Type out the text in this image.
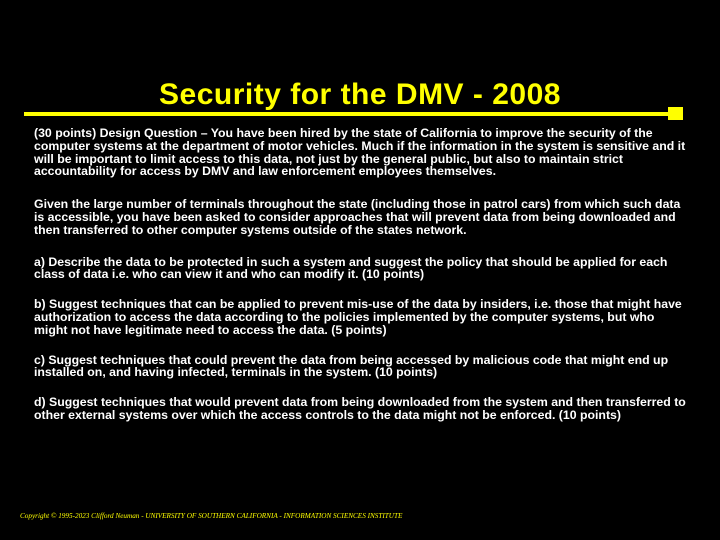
Security for the DMV - 2008

(30 points) Design Question – You have been hired by the state of California to improve the security of the computer systems at the department of motor vehicles. Much if the information in the system is sensitive and it will be important to limit access to this data, not just by the general public, but also to maintain strict accountability for access by DMV and law enforcement employees themselves.

Given the large number of terminals throughout the state (including those in patrol cars) from which such data is accessible, you have been asked to consider approaches that will prevent data from being downloaded and then transferred to other computer systems outside of the states network.

a) Describe the data to be protected in such a system and suggest the policy that should be applied for each class of data i.e. who can view it and who can modify it. (10 points)

b) Suggest techniques that can be applied to prevent mis-use of the data by insiders, i.e. those that might have authorization to access the data according to the policies implemented by the computer systems, but who might not have legitimate need to access the data. (5 points)

c) Suggest techniques that could prevent the data from being accessed by malicious code that might end up installed on, and having infected, terminals in the system. (10 points)

d) Suggest techniques that would prevent data from being downloaded from the system and then transferred to other external systems over which the access controls to the data might not be enforced. (10 points)

Copyright © 1995-2023 Clifford Neuman - UNIVERSITY OF SOUTHERN CALIFORNIA - INFORMATION SCIENCES INSTITUTE
